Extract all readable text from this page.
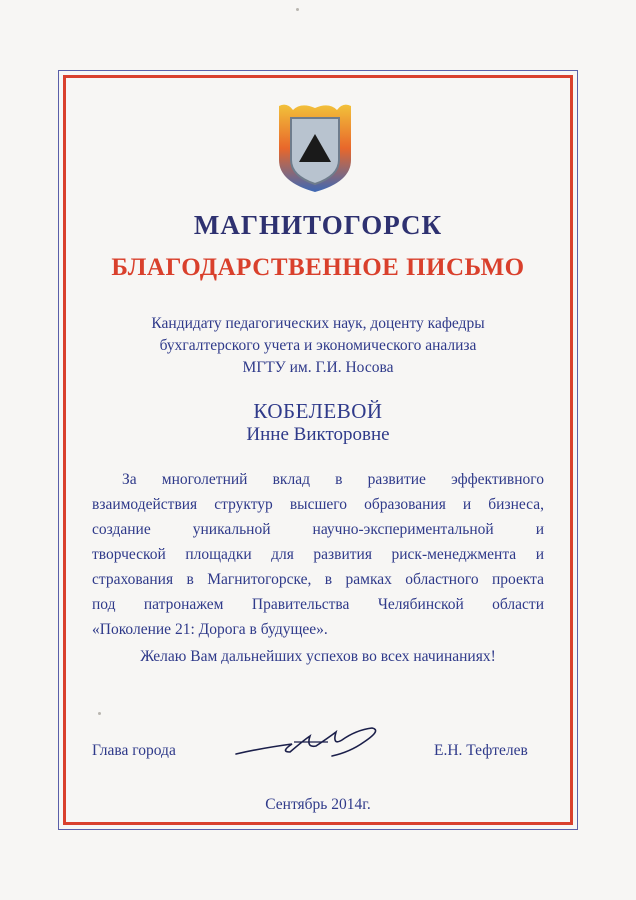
МАГНИТОГОРСК
БЛАГОДАРСТВЕННОЕ ПИСЬМО
Кандидату педагогических наук, доценту кафедры
бухгалтерского учета и экономического анализа
МГТУ им. Г.И. Носова
КОБЕЛЕВОЙ
Инне Викторовне
За многолетний вклад в развитие эффективного
взаимодействия структур высшего образования и бизнеса,
создание уникальной научно-экспериментальной и
творческой площадки для развития риск-менеджмента и
страхования в Магнитогорске, в рамках областного проекта
под патронажем Правительства Челябинской области
«Поколение 21: Дорога в будущее».
Желаю Вам дальнейших успехов во всех начинаниях!
Глава города	Е.Н. Тефтелев
Сентябрь 2014г.
